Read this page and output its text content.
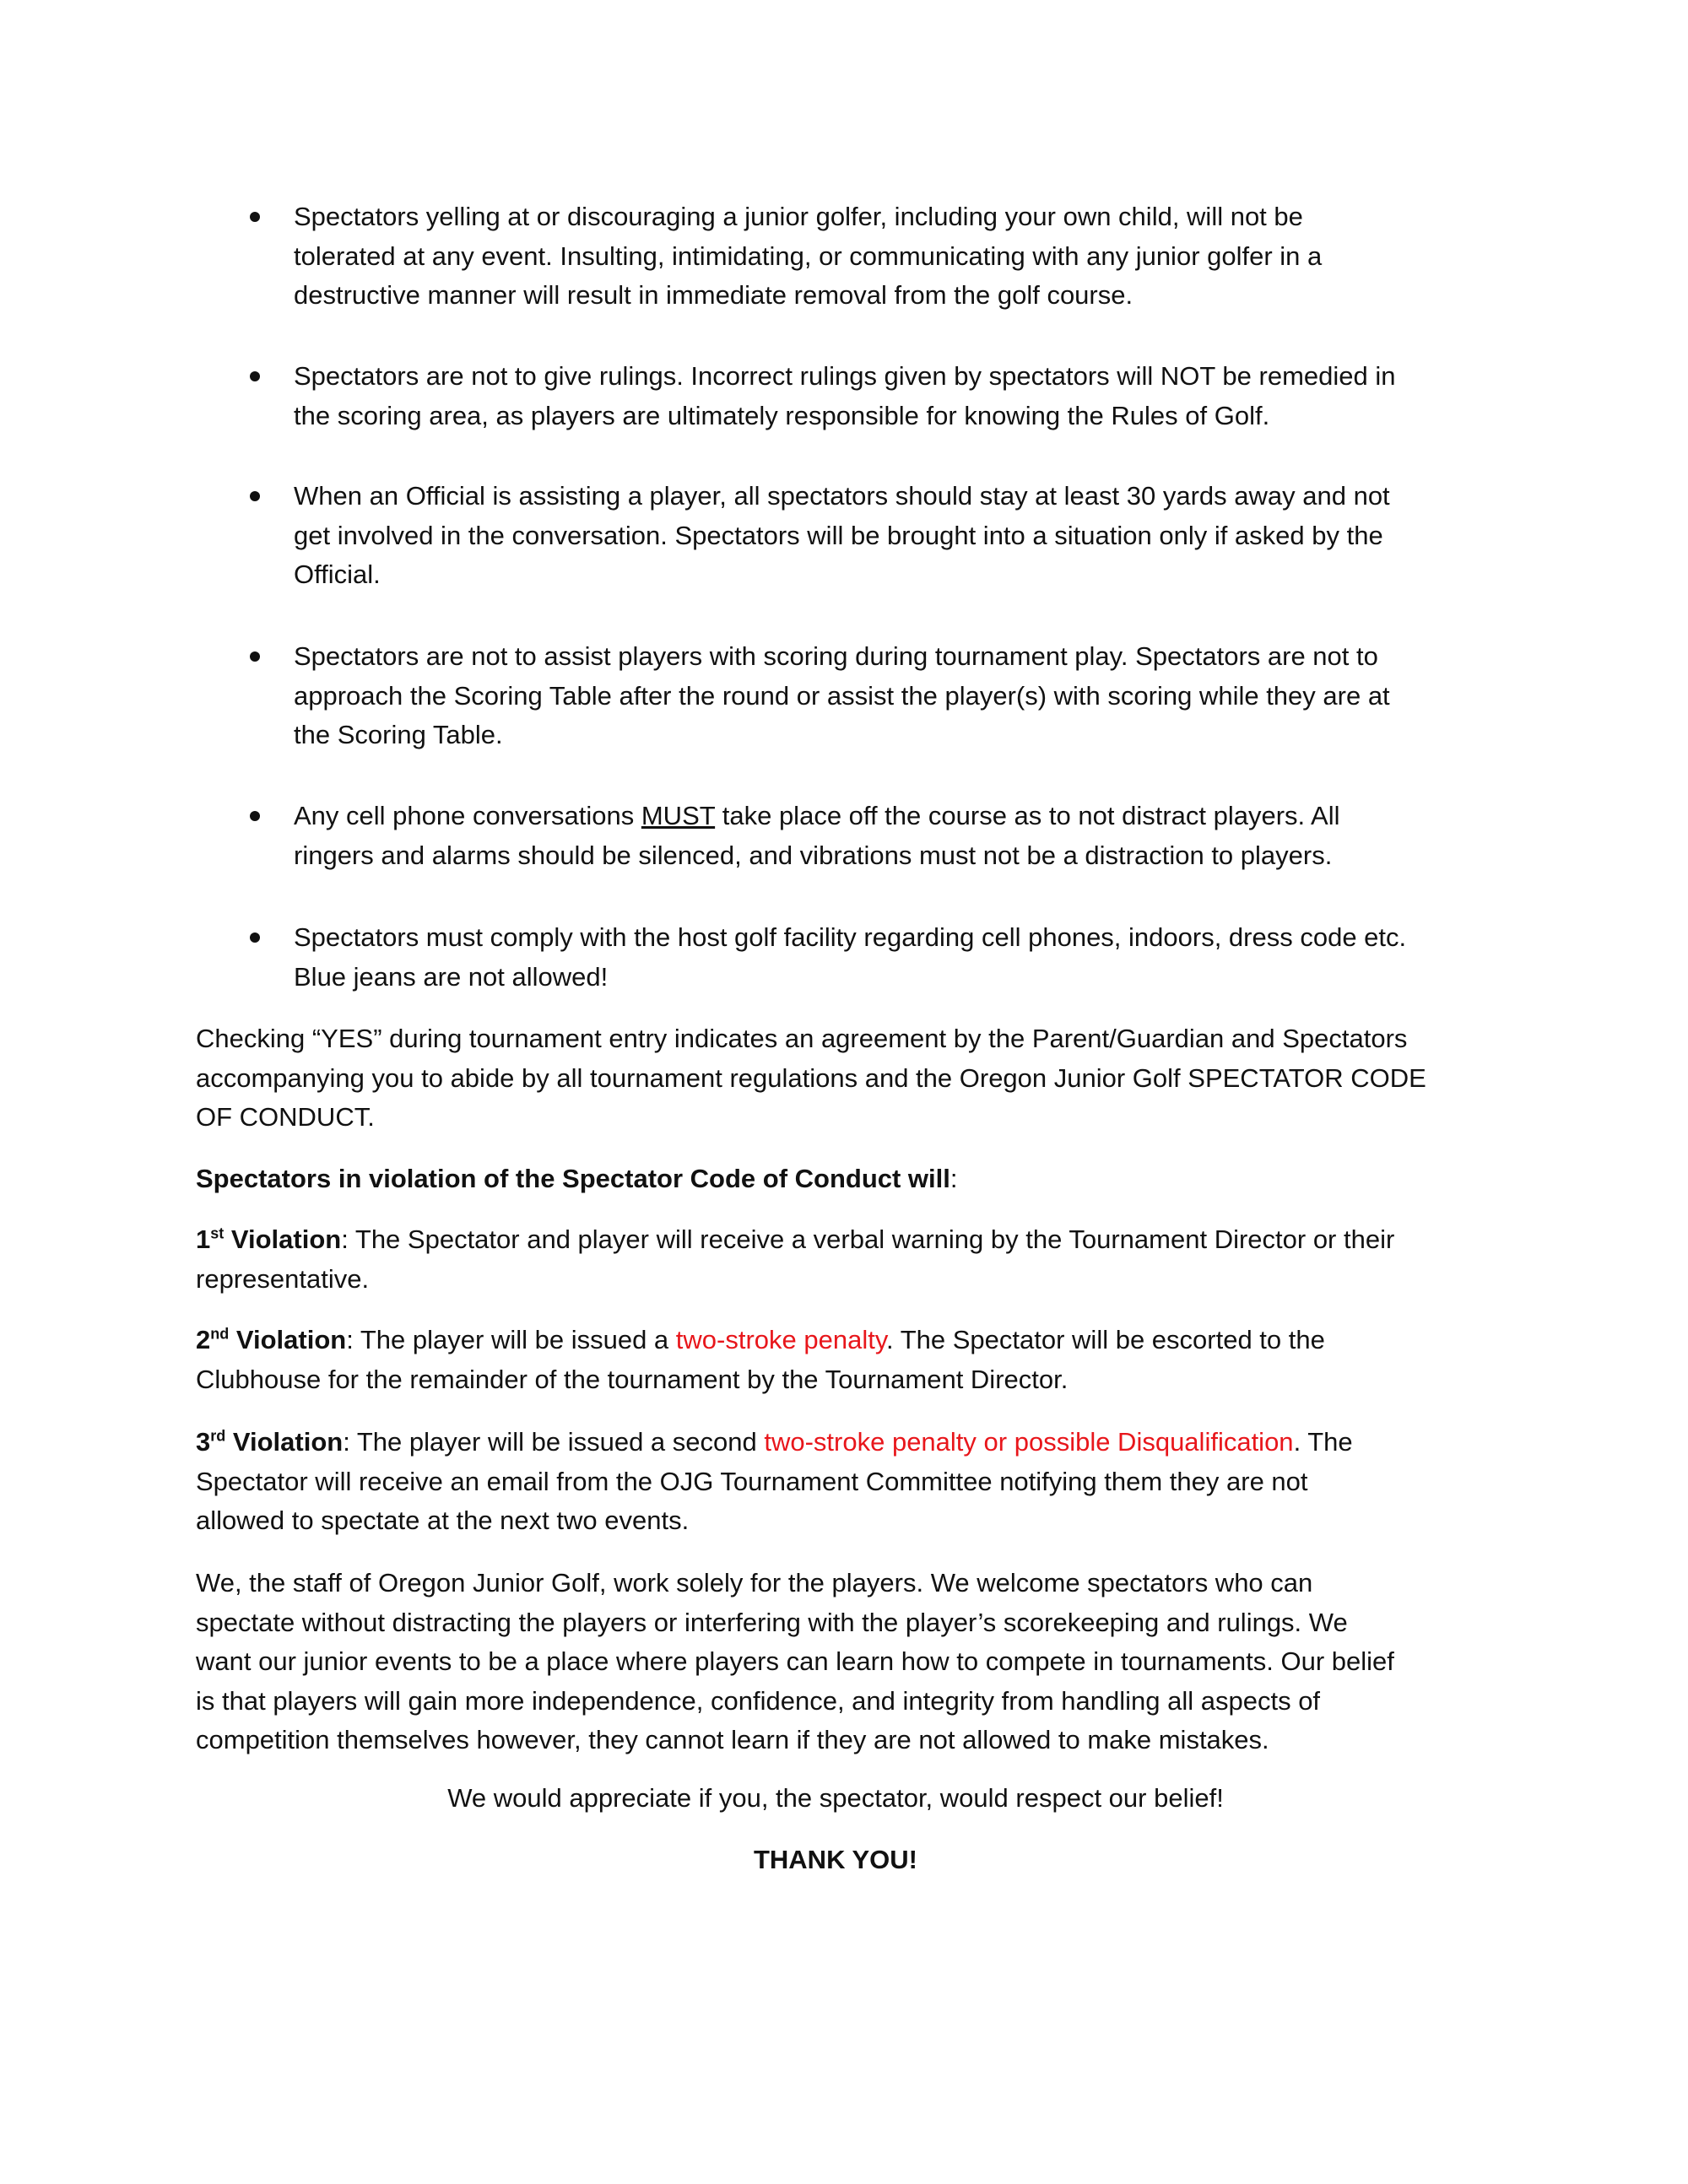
Spectators yelling at or discouraging a junior golfer, including your own child, will not be
tolerated at any event. Insulting, intimidating, or communicating with any junior golfer in a
destructive manner will result in immediate removal from the golf course.
Spectators are not to give rulings. Incorrect rulings given by spectators will NOT be remedied in
the scoring area, as players are ultimately responsible for knowing the Rules of Golf.
When an Official is assisting a player, all spectators should stay at least 30 yards away and not
get involved in the conversation. Spectators will be brought into a situation only if asked by the
Official.
Spectators are not to assist players with scoring during tournament play. Spectators are not to
approach the Scoring Table after the round or assist the player(s) with scoring while they are at
the Scoring Table.
Any cell phone conversations MUST take place off the course as to not distract players. All
ringers and alarms should be silenced, and vibrations must not be a distraction to players.
Spectators must comply with the host golf facility regarding cell phones, indoors, dress code etc.
Blue jeans are not allowed!
Checking “YES” during tournament entry indicates an agreement by the Parent/Guardian and Spectators
accompanying you to abide by all tournament regulations and the Oregon Junior Golf SPECTATOR CODE
OF CONDUCT.
Spectators in violation of the Spectator Code of Conduct will:
1st Violation: The Spectator and player will receive a verbal warning by the Tournament Director or their
representative.
2nd Violation: The player will be issued a two-stroke penalty. The Spectator will be escorted to the
Clubhouse for the remainder of the tournament by the Tournament Director.
3rd Violation: The player will be issued a second two-stroke penalty or possible Disqualification. The
Spectator will receive an email from the OJG Tournament Committee notifying them they are not
allowed to spectate at the next two events.
We, the staff of Oregon Junior Golf, work solely for the players. We welcome spectators who can
spectate without distracting the players or interfering with the player’s scorekeeping and rulings. We
want our junior events to be a place where players can learn how to compete in tournaments. Our belief
is that players will gain more independence, confidence, and integrity from handling all aspects of
competition themselves however, they cannot learn if they are not allowed to make mistakes.
We would appreciate if you, the spectator, would respect our belief!
THANK YOU!
